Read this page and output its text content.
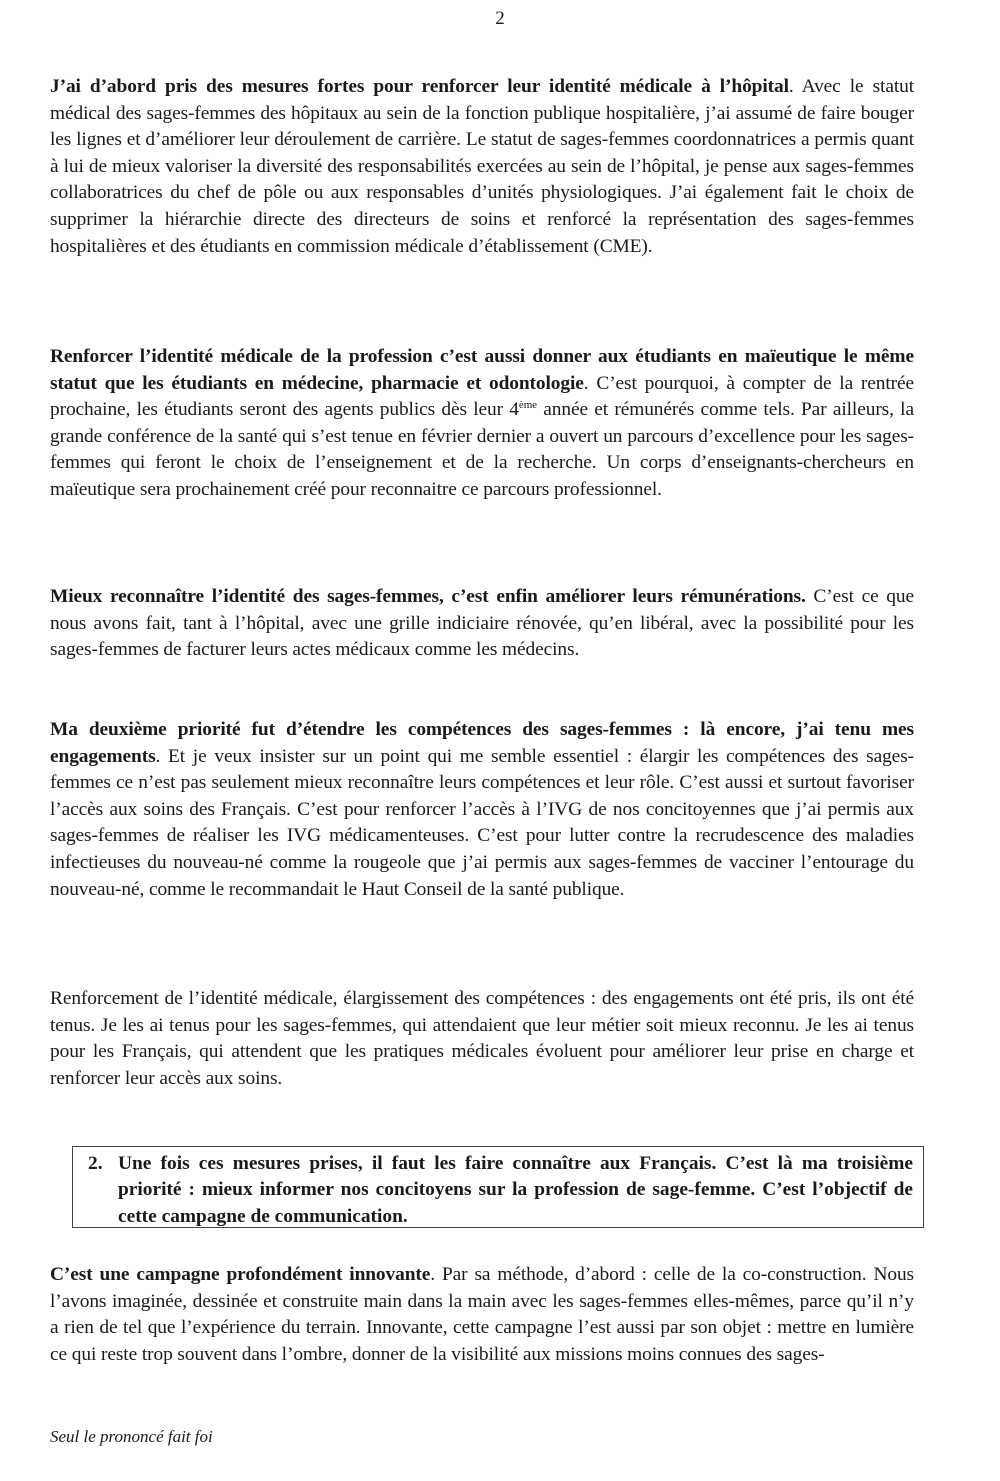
2

J’ai d’abord pris des mesures fortes pour renforcer leur identité médicale à l’hôpital. Avec le statut médical des sages-femmes des hôpitaux au sein de la fonction publique hospitalière, j’ai assumé de faire bouger les lignes et d’améliorer leur déroulement de carrière. Le statut de sages-femmes coordonnatrices a permis quant à lui de mieux valoriser la diversité des responsabilités exercées au sein de l’hôpital, je pense aux sages-femmes collaboratrices du chef de pôle ou aux responsables d’unités physiologiques. J’ai également fait le choix de supprimer la hiérarchie directe des directeurs de soins et renforcé la représentation des sages-femmes hospitalières et des étudiants en commission médicale d’établissement (CME).

Renforcer l’identité médicale de la profession c’est aussi donner aux étudiants en maïeutique le même statut que les étudiants en médecine, pharmacie et odontologie. C’est pourquoi, à compter de la rentrée prochaine, les étudiants seront des agents publics dès leur 4ème année et rémunérés comme tels. Par ailleurs, la grande conférence de la santé qui s’est tenue en février dernier a ouvert un parcours d’excellence pour les sages-femmes qui feront le choix de l’enseignement et de la recherche. Un corps d’enseignants-chercheurs en maïeutique sera prochainement créé pour reconnaitre ce parcours professionnel.

Mieux reconnaître l’identité des sages-femmes, c’est enfin améliorer leurs rémunérations. C’est ce que nous avons fait, tant à l’hôpital, avec une grille indiciaire rénovée, qu’en libéral, avec la possibilité pour les sages-femmes de facturer leurs actes médicaux comme les médecins.

Ma deuxième priorité fut d’étendre les compétences des sages-femmes : là encore, j’ai tenu mes engagements. Et je veux insister sur un point qui me semble essentiel : élargir les compétences des sages-femmes ce n’est pas seulement mieux reconnaître leurs compétences et leur rôle. C’est aussi et surtout favoriser l’accès aux soins des Français. C’est pour renforcer l’accès à l’IVG de nos concitoyennes que j’ai permis aux sages-femmes de réaliser les IVG médicamenteuses. C’est pour lutter contre la recrudescence des maladies infectieuses du nouveau-né comme la rougeole que j’ai permis aux sages-femmes de vacciner l’entourage du nouveau-né, comme le recommandait le Haut Conseil de la santé publique.

Renforcement de l’identité médicale, élargissement des compétences : des engagements ont été pris, ils ont été tenus. Je les ai tenus pour les sages-femmes, qui attendaient que leur métier soit mieux reconnu. Je les ai tenus pour les Français, qui attendent que les pratiques médicales évoluent pour améliorer leur prise en charge et renforcer leur accès aux soins.

2. Une fois ces mesures prises, il faut les faire connaître aux Français. C’est là ma troisième priorité : mieux informer nos concitoyens sur la profession de sage-femme. C’est l’objectif de cette campagne de communication.

C’est une campagne profondément innovante. Par sa méthode, d’abord : celle de la co-construction. Nous l’avons imaginée, dessinée et construite main dans la main avec les sages-femmes elles-mêmes, parce qu’il n’y a rien de tel que l’expérience du terrain. Innovante, cette campagne l’est aussi par son objet : mettre en lumière ce qui reste trop souvent dans l’ombre, donner de la visibilité aux missions moins connues des sages-

Seul le prononcé fait foi
